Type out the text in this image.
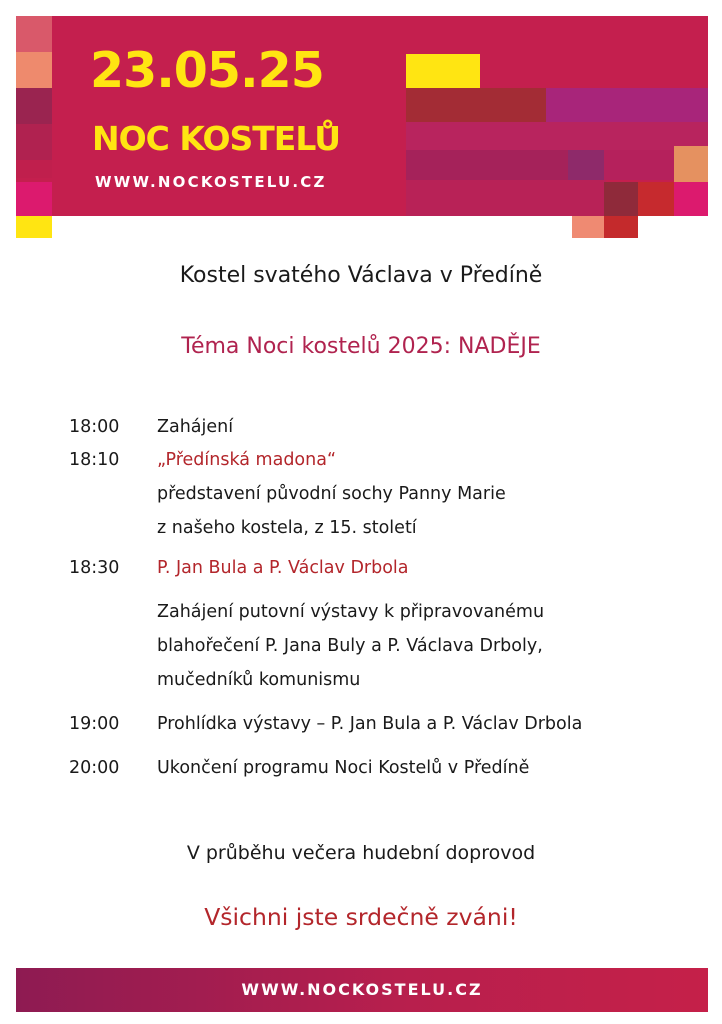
23.05.25
NOC KOSTELŮ
WWW.NOCKOSTELU.CZ
Kostel svatého Václava v Předíně
Téma Noci kostelů 2025: NADĚJE
18:00	Zahájení
18:10	„Předínská madona“
představení původní sochy Panny Marie
z našeho kostela, z 15. století
18:30	P. Jan Bula a P. Václav Drbola
Zahájení putovní výstavy k připravovanému
blahořečení P. Jana Buly a P. Václava Drboly,
mučedníků komunismu
19:00	Prohlídka výstavy – P. Jan Bula a P. Václav Drbola
20:00	Ukončení programu Noci Kostelů v Předíně
V průběhu večera hudební doprovod
Všichni jste srdečně zváni!
WWW.NOCKOSTELU.CZ
